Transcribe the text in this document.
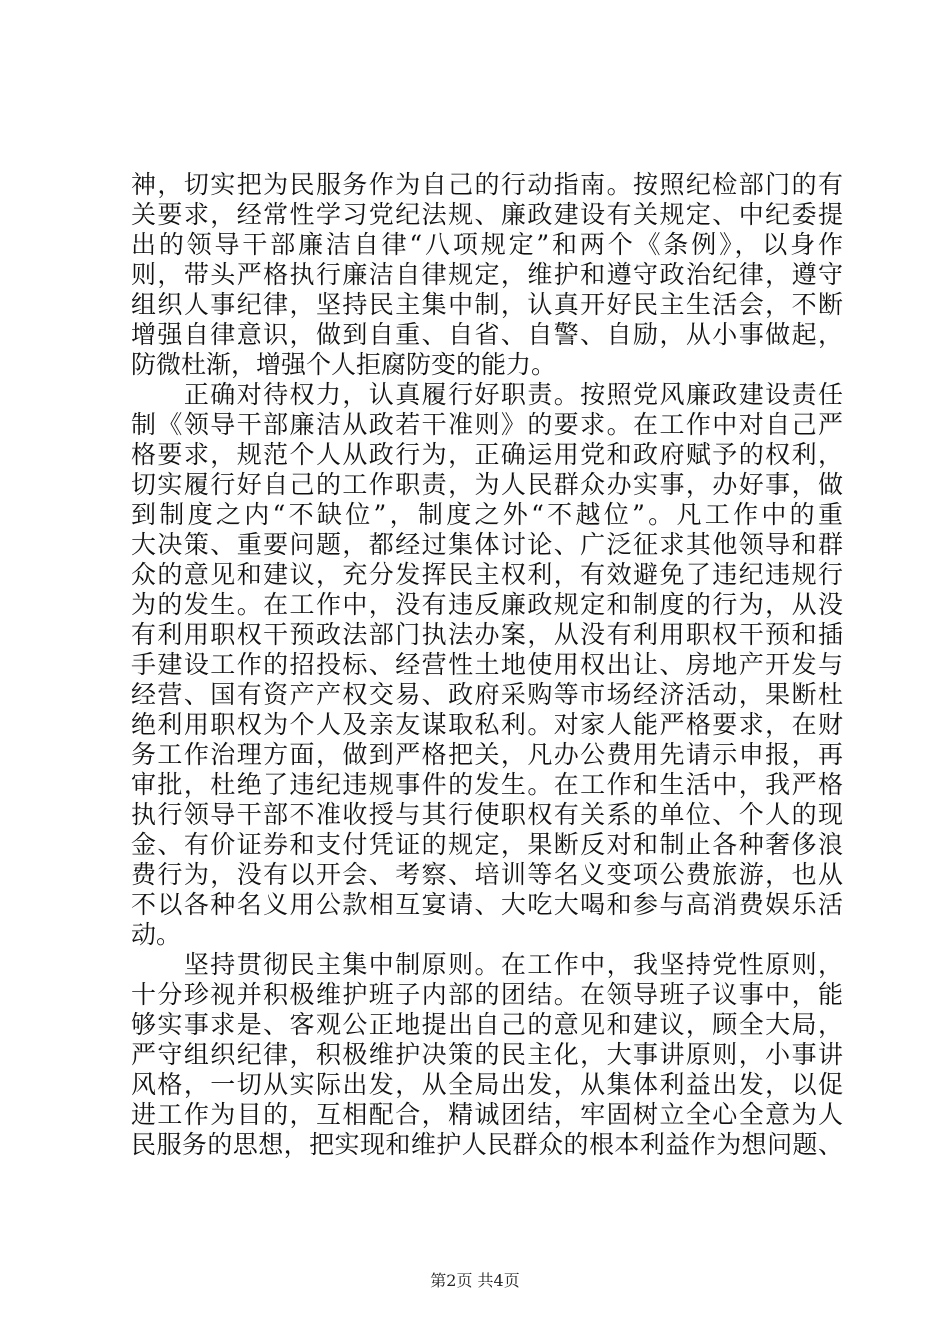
神，切实把为民服务作为自己的行动指南。按照纪检部门的有
关要求，经常性学习党纪法规、廉政建设有关规定、中纪委提
出的领导干部廉洁自律“八项规定”和两个《条例》，以身作
则，带头严格执行廉洁自律规定，维护和遵守政治纪律，遵守
组织人事纪律，坚持民主集中制，认真开好民主生活会，不断
增强自律意识，做到自重、自省、自警、自励，从小事做起，
防微杜渐，增强个人拒腐防变的能力。
　　正确对待权力，认真履行好职责。按照党风廉政建设责任
制《领导干部廉洁从政若干准则》的要求。在工作中对自己严
格要求，规范个人从政行为，正确运用党和政府赋予的权利，
切实履行好自己的工作职责，为人民群众办实事，办好事，做
到制度之内“不缺位”，制度之外“不越位”。凡工作中的重
大决策、重要问题，都经过集体讨论、广泛征求其他领导和群
众的意见和建议，充分发挥民主权利，有效避免了违纪违规行
为的发生。在工作中，没有违反廉政规定和制度的行为，从没
有利用职权干预政法部门执法办案，从没有利用职权干预和插
手建设工作的招投标、经营性土地使用权出让、房地产开发与
经营、国有资产产权交易、政府采购等市场经济活动，果断杜
绝利用职权为个人及亲友谋取私利。对家人能严格要求，在财
务工作治理方面，做到严格把关，凡办公费用先请示申报，再
审批，杜绝了违纪违规事件的发生。在工作和生活中，我严格
执行领导干部不准收授与其行使职权有关系的单位、个人的现
金、有价证券和支付凭证的规定，果断反对和制止各种奢侈浪
费行为，没有以开会、考察、培训等名义变项公费旅游，也从
不以各种名义用公款相互宴请、大吃大喝和参与高消费娱乐活
动。
　　坚持贯彻民主集中制原则。在工作中，我坚持党性原则，
十分珍视并积极维护班子内部的团结。在领导班子议事中，能
够实事求是、客观公正地提出自己的意见和建议，顾全大局，
严守组织纪律，积极维护决策的民主化，大事讲原则，小事讲
风格，一切从实际出发，从全局出发，从集体利益出发，以促
进工作为目的，互相配合，精诚团结，牢固树立全心全意为人
民服务的思想，把实现和维护人民群众的根本利益作为想问题、
第2页 共4页
